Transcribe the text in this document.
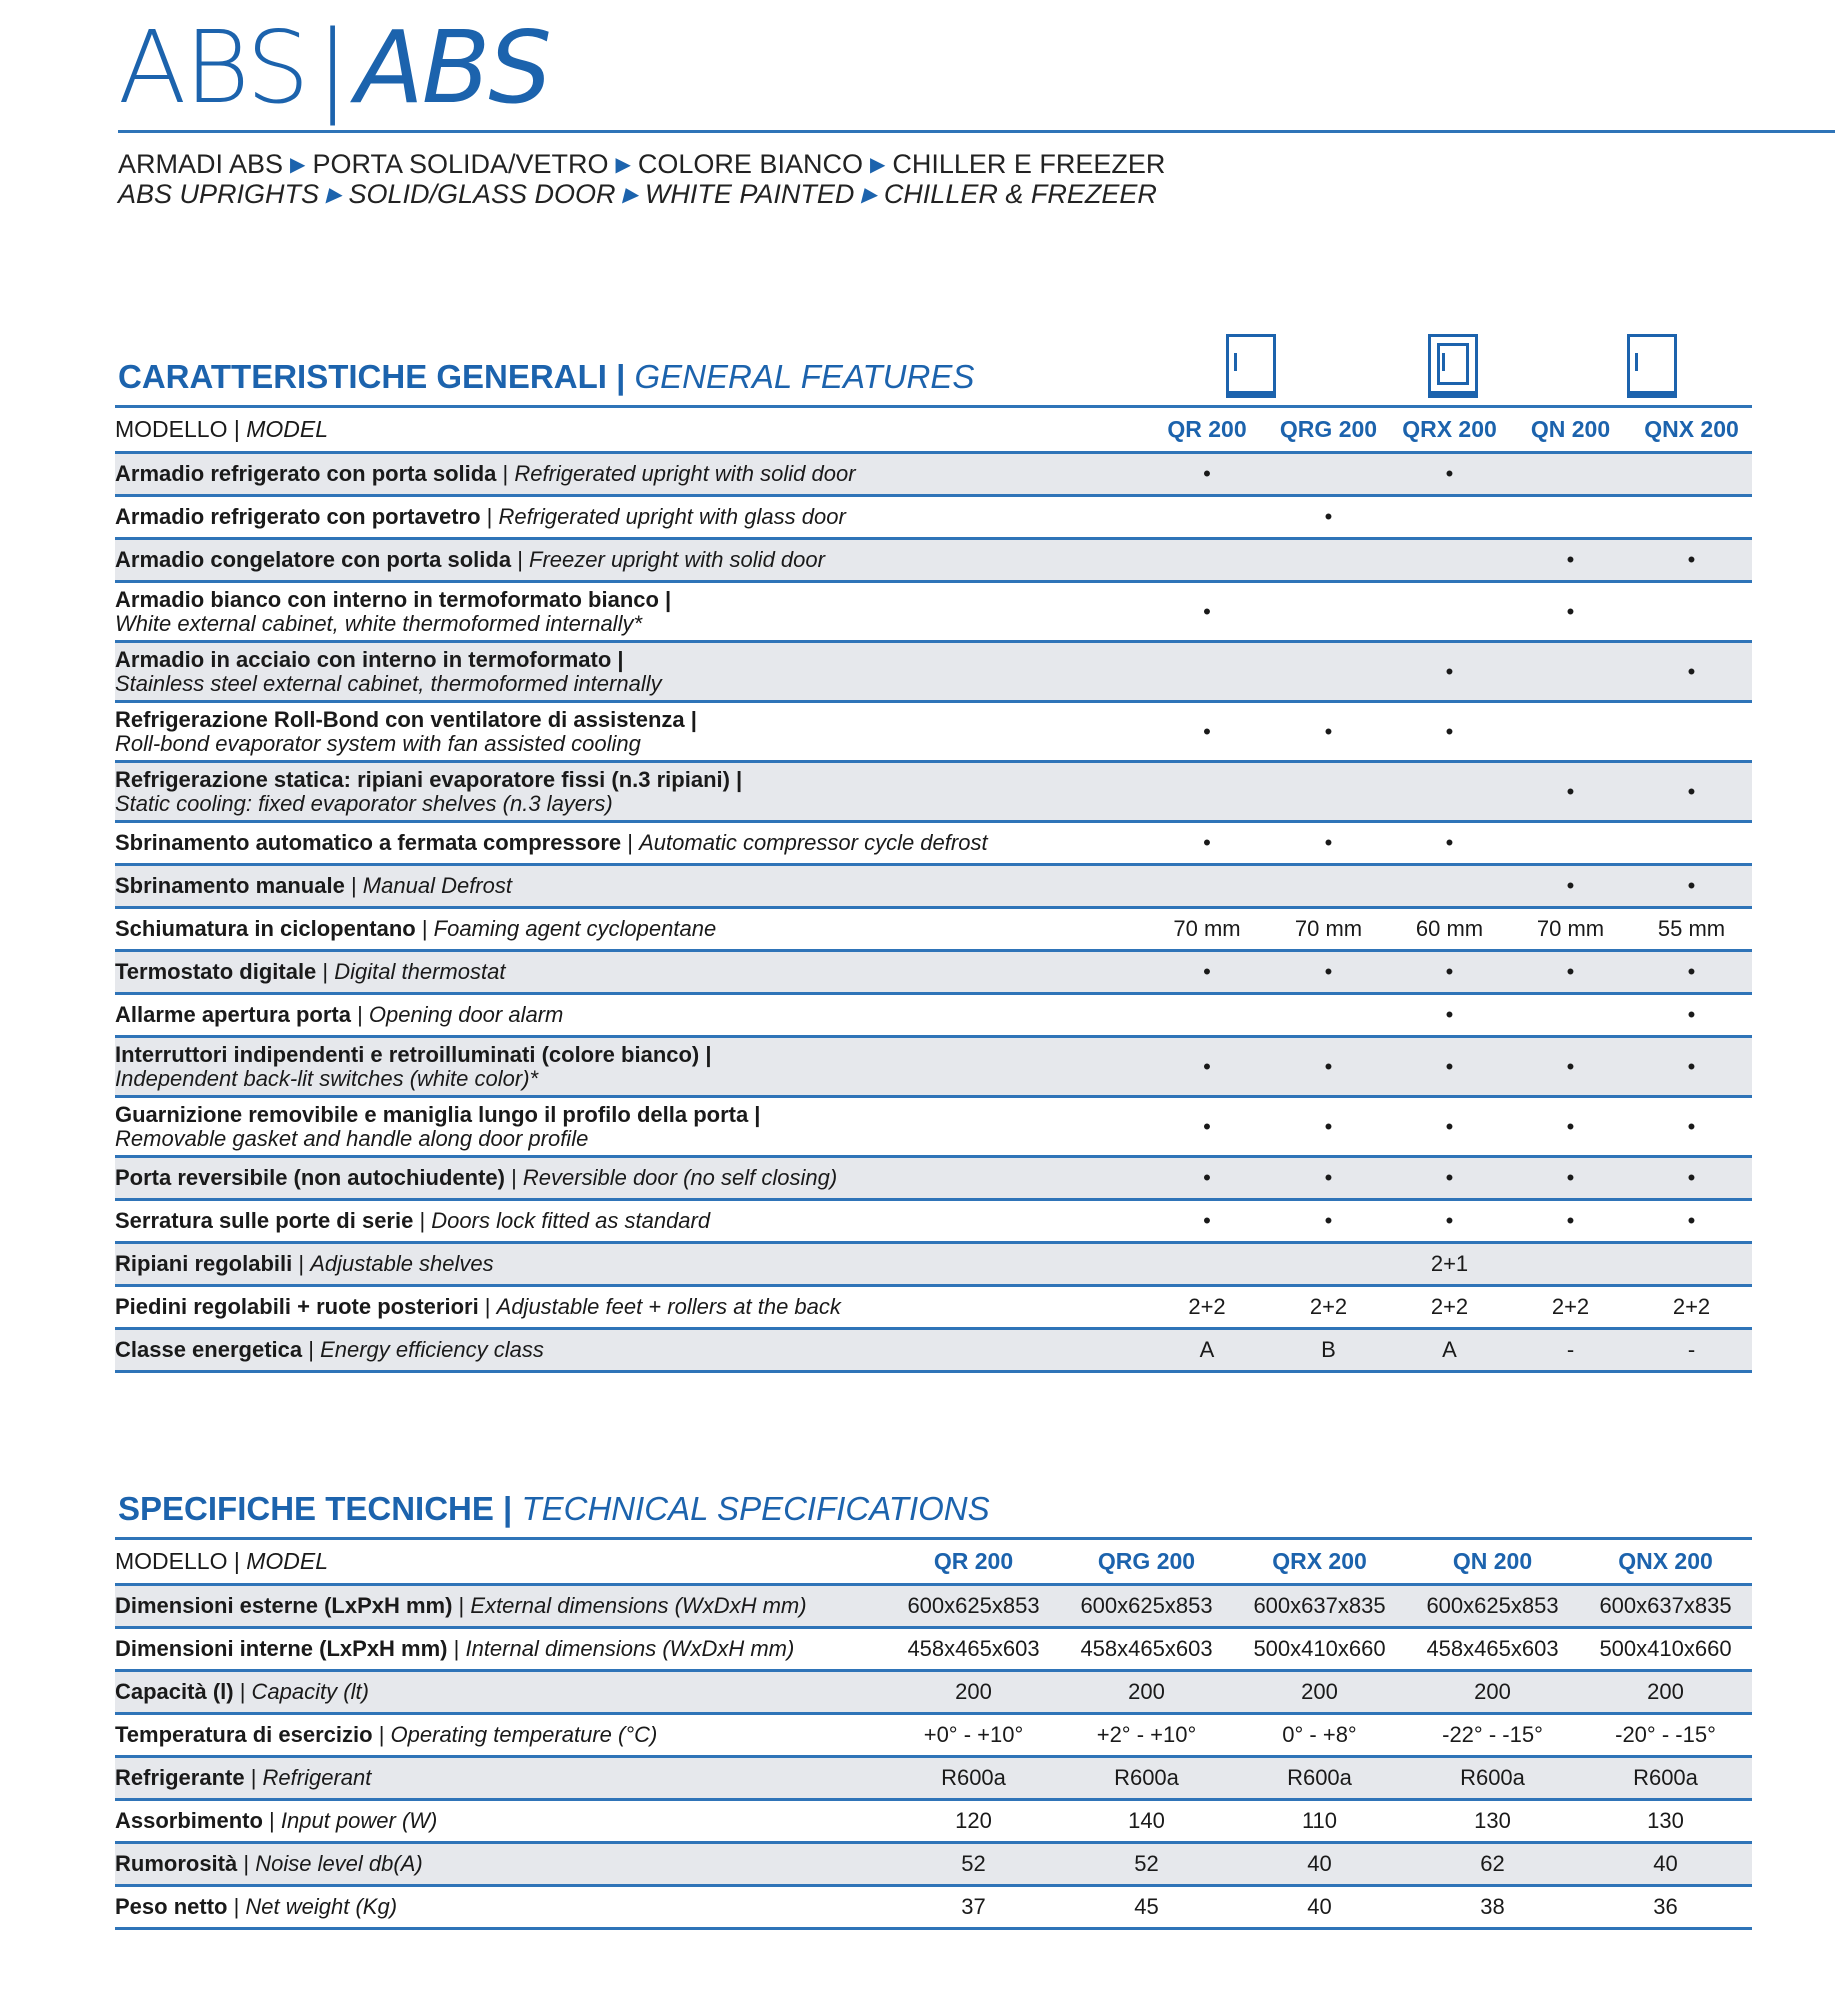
ABS|ABS
ARMADI ABS ▶ PORTA SOLIDA/VETRO ▶ COLORE BIANCO ▶ CHILLER E FREEZER
ABS UPRIGHTS ▶ SOLID/GLASS DOOR ▶ WHITE PAINTED ▶ CHILLER & FREZEER
CARATTERISTICHE GENERALI | GENERAL FEATURES
MODELLO | MODEL	QR 200	QRG 200	QRX 200	QN 200	QNX 200
Armadio refrigerato con porta solida | Refrigerated upright with solid door	•		•		
Armadio refrigerato con portavetro | Refrigerated upright with glass door		•			
Armadio congelatore con porta solida | Freezer upright with solid door				•	•

Armadio bianco con interno in termoformato bianco |
White external cabinet, white thermoformed internally*	•			•	

Armadio in acciaio con interno in termoformato |
Stainless steel external cabinet, thermoformed internally			•		•

Refrigerazione Roll-Bond con ventilatore di assistenza |
Roll-bond evaporator system with fan assisted cooling	•	•	•		

Refrigerazione statica: ripiani evaporatore fissi (n.3 ripiani) |
Static cooling: fixed evaporator shelves (n.3 layers)				•	•
Sbrinamento automatico a fermata compressore | Automatic compressor cycle defrost	•	•	•		
Sbrinamento manuale | Manual Defrost				•	•
Schiumatura in ciclopentano | Foaming agent cyclopentane	70 mm	70 mm	60 mm	70 mm	55 mm
Termostato digitale | Digital thermostat	•	•	•	•	•
Allarme apertura porta | Opening door alarm			•		•

Interruttori indipendenti e retroilluminati (colore bianco) |
Independent back-lit switches (white color)*	•	•	•	•	•

Guarnizione removibile e maniglia lungo il profilo della porta |
Removable gasket and handle along door profile	•	•	•	•	•
Porta reversibile (non autochiudente) | Reversible door (no self closing)	•	•	•	•	•
Serratura sulle porte di serie | Doors lock fitted as standard	•	•	•	•	•
Ripiani regolabili | Adjustable shelves			2+1		
Piedini regolabili + ruote posteriori | Adjustable feet + rollers at the back	2+2	2+2	2+2	2+2	2+2
Classe energetica | Energy efficiency class	A	B	A	-	-
SPECIFICHE TECNICHE | TECHNICAL SPECIFICATIONS
MODELLO | MODEL	QR 200	QRG 200	QRX 200	QN 200	QNX 200
Dimensioni esterne (LxPxH mm) | External dimensions (WxDxH mm)	600x625x853	600x625x853	600x637x835	600x625x853	600x637x835
Dimensioni interne (LxPxH mm) | Internal dimensions (WxDxH mm)	458x465x603	458x465x603	500x410x660	458x465x603	500x410x660
Capacità (l) | Capacity (lt)	200	200	200	200	200
Temperatura di esercizio | Operating temperature (°C)	+0° - +10°	+2° - +10°	0° - +8°	-22° - -15°	-20° - -15°
Refrigerante | Refrigerant	R600a	R600a	R600a	R600a	R600a
Assorbimento | Input power (W)	120	140	110	130	130
Rumorosità | Noise level db(A)	52	52	40	62	40
Peso netto | Net weight (Kg)	37	45	40	38	36
